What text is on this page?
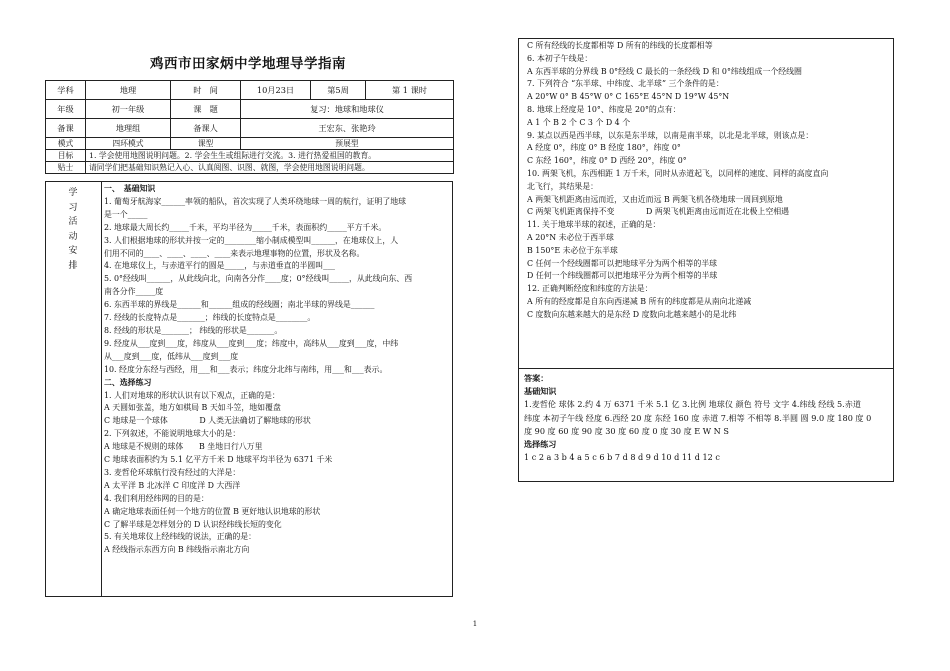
鸡西市田家炳中学地理导学指南
学科	地理	时　间	10月23日	第5周	第 1 课时
年级	初一年级	课　题	复习：地球和地球仪		
备课	地理组	备课人	王宏东、张艳玲		
模式	四环模式	课型	预展型		
目标	1. 学会使用地图说明问题。2. 学会生生或组际进行交流。3. 进行热爱祖国的教育。				
贴士	请同学们把基础知识熟记入心、认真阅图、识图、就图，学会使用地图说明问题。				
学
习
活
动
安
排
一、　基础知识
1. 葡萄牙航海家______率领的船队，首次实现了人类环绕地球一周的航行，证明了地球
是一个_____
2. 地球最大周长约_____千米，平均半径为_____千米，表面积约_____平方千米。
3. 人们根据地球的形状并按一定的________缩小制成模型叫______，在地球仪上，人
们用不同的____、____、____、____来表示地理事物的位置，形状及名称。
4. 在地球仪上，与赤道平行的圆是_____，与赤道垂直的半圆叫___
5. 0°经线叫______，从此线向北，向南各分作____度；0°经线叫_____，从此线向东、西
南各分作_____度
6. 东西半球的界线是______和______组成的经线圈；南北半球的界线是______
7. 经线的长度特点是_______；纬线的长度特点是________。
8. 经线的形状是_______； 纬线的形状是_______。
9. 经度从___度到___度，纬度从___度到___度；纬度中，高纬从___度到___度，中纬
从___度到___度，低纬从___度到___度
10. 经度分东经与西经，用___和___表示；纬度分北纬与南纬，用___和___表示。
二、选择练习
1. 人们对地球的形状认识有以下观点，正确的是：
A 天圆如张盖，地方如棋局 B 天如斗笠，地如覆盘
C 地球是一个球体　　　　D 人类无法确切了解地球的形状
2. 下列叙述，不能说明地球大小的是：
A 地球是不规则的球体　　B 坐地日行八万里
C 地球表面积约为 5.1 亿平方千米 D 地球平均半径为 6371 千米
3. 麦哲伦环球航行没有经过的大洋是：
A 太平洋 B 北冰洋 C 印度洋 D 大西洋
4. 我们利用经纬网的目的是：
A 确定地球表面任何一个地方的位置 B 更好地认识地球的形状
C 了解半球是怎样划分的 D 认识经纬线长短的变化
5. 有关地球仪上经纬线的说法，正确的是：
A 经线指示东西方向 B 纬线指示南北方向
C 所有经线的长度都相等 D 所有的纬线的长度都相等
6. 本初子午线是：
A 东西半球的分界线 B 0°经线 C 最长的一条经线 D 和 0°纬线组成一个经线圈
7. 下列符合 “东半球、中纬度、北半球” 三个条件的是：
A 20°W 0° B 45°W 0° C 165°E 45°N D 19°W 45°N
8. 地球上经度是 10°、纬度是 20°的点有：
A 1 个 B 2 个 C 3 个 D 4 个
9. 某点以西是西半球，以东是东半球，以南是南半球，以北是北半球，则该点是：
A 经度 0°，纬度 0° B 经度 180°，纬度 0°
C 东经 160°，纬度 0° D 西经 20°，纬度 0°
10. 两架飞机，东西相距 1 万千米，同时从赤道起飞，以同样的速度、同样的高度直向
北飞行，其结果是：
A 两架飞机距离由远而近，又由近而远 B 两架飞机各绕地球一周回到原地
C 两架飞机距离保持不变　　　　D 两架飞机距离由远而近在北极上空相遇
11. 关于地球半球的叙述，正确的是：
A 20°N 未必位于西半球
B 150°E 未必位于东半球
C 任何一个经线圈都可以把地球平分为两个相等的半球
D 任何一个纬线圈都可以把地球平分为两个相等的半球
12. 正确判断经度和纬度的方法是：
A 所有的经度都是自东向西递减 B 所有的纬度都是从南向北递减
C 度数向东越来越大的是东经 D 度数向北越来越小的是北纬
答案：
基础知识
1.麦哲伦 球体 2.约 4 万 6371 千米 5.1 亿 3.比例 地球仪 颜色 符号 文字 4.纬线 经线 5.赤道
纬度 本初子午线 经度 6.西经 20 度 东经 160 度 赤道 7.相等 不相等 8.半圆 圆 9.0 度 180 度 0
度 90 度 60 度 90 度 30 度 60 度 0 度 30 度 E W N S
选择练习
1 c 2 a 3 b 4 a 5 c 6 b 7 d 8 d 9 d 10 d 11 d 12 c
1
